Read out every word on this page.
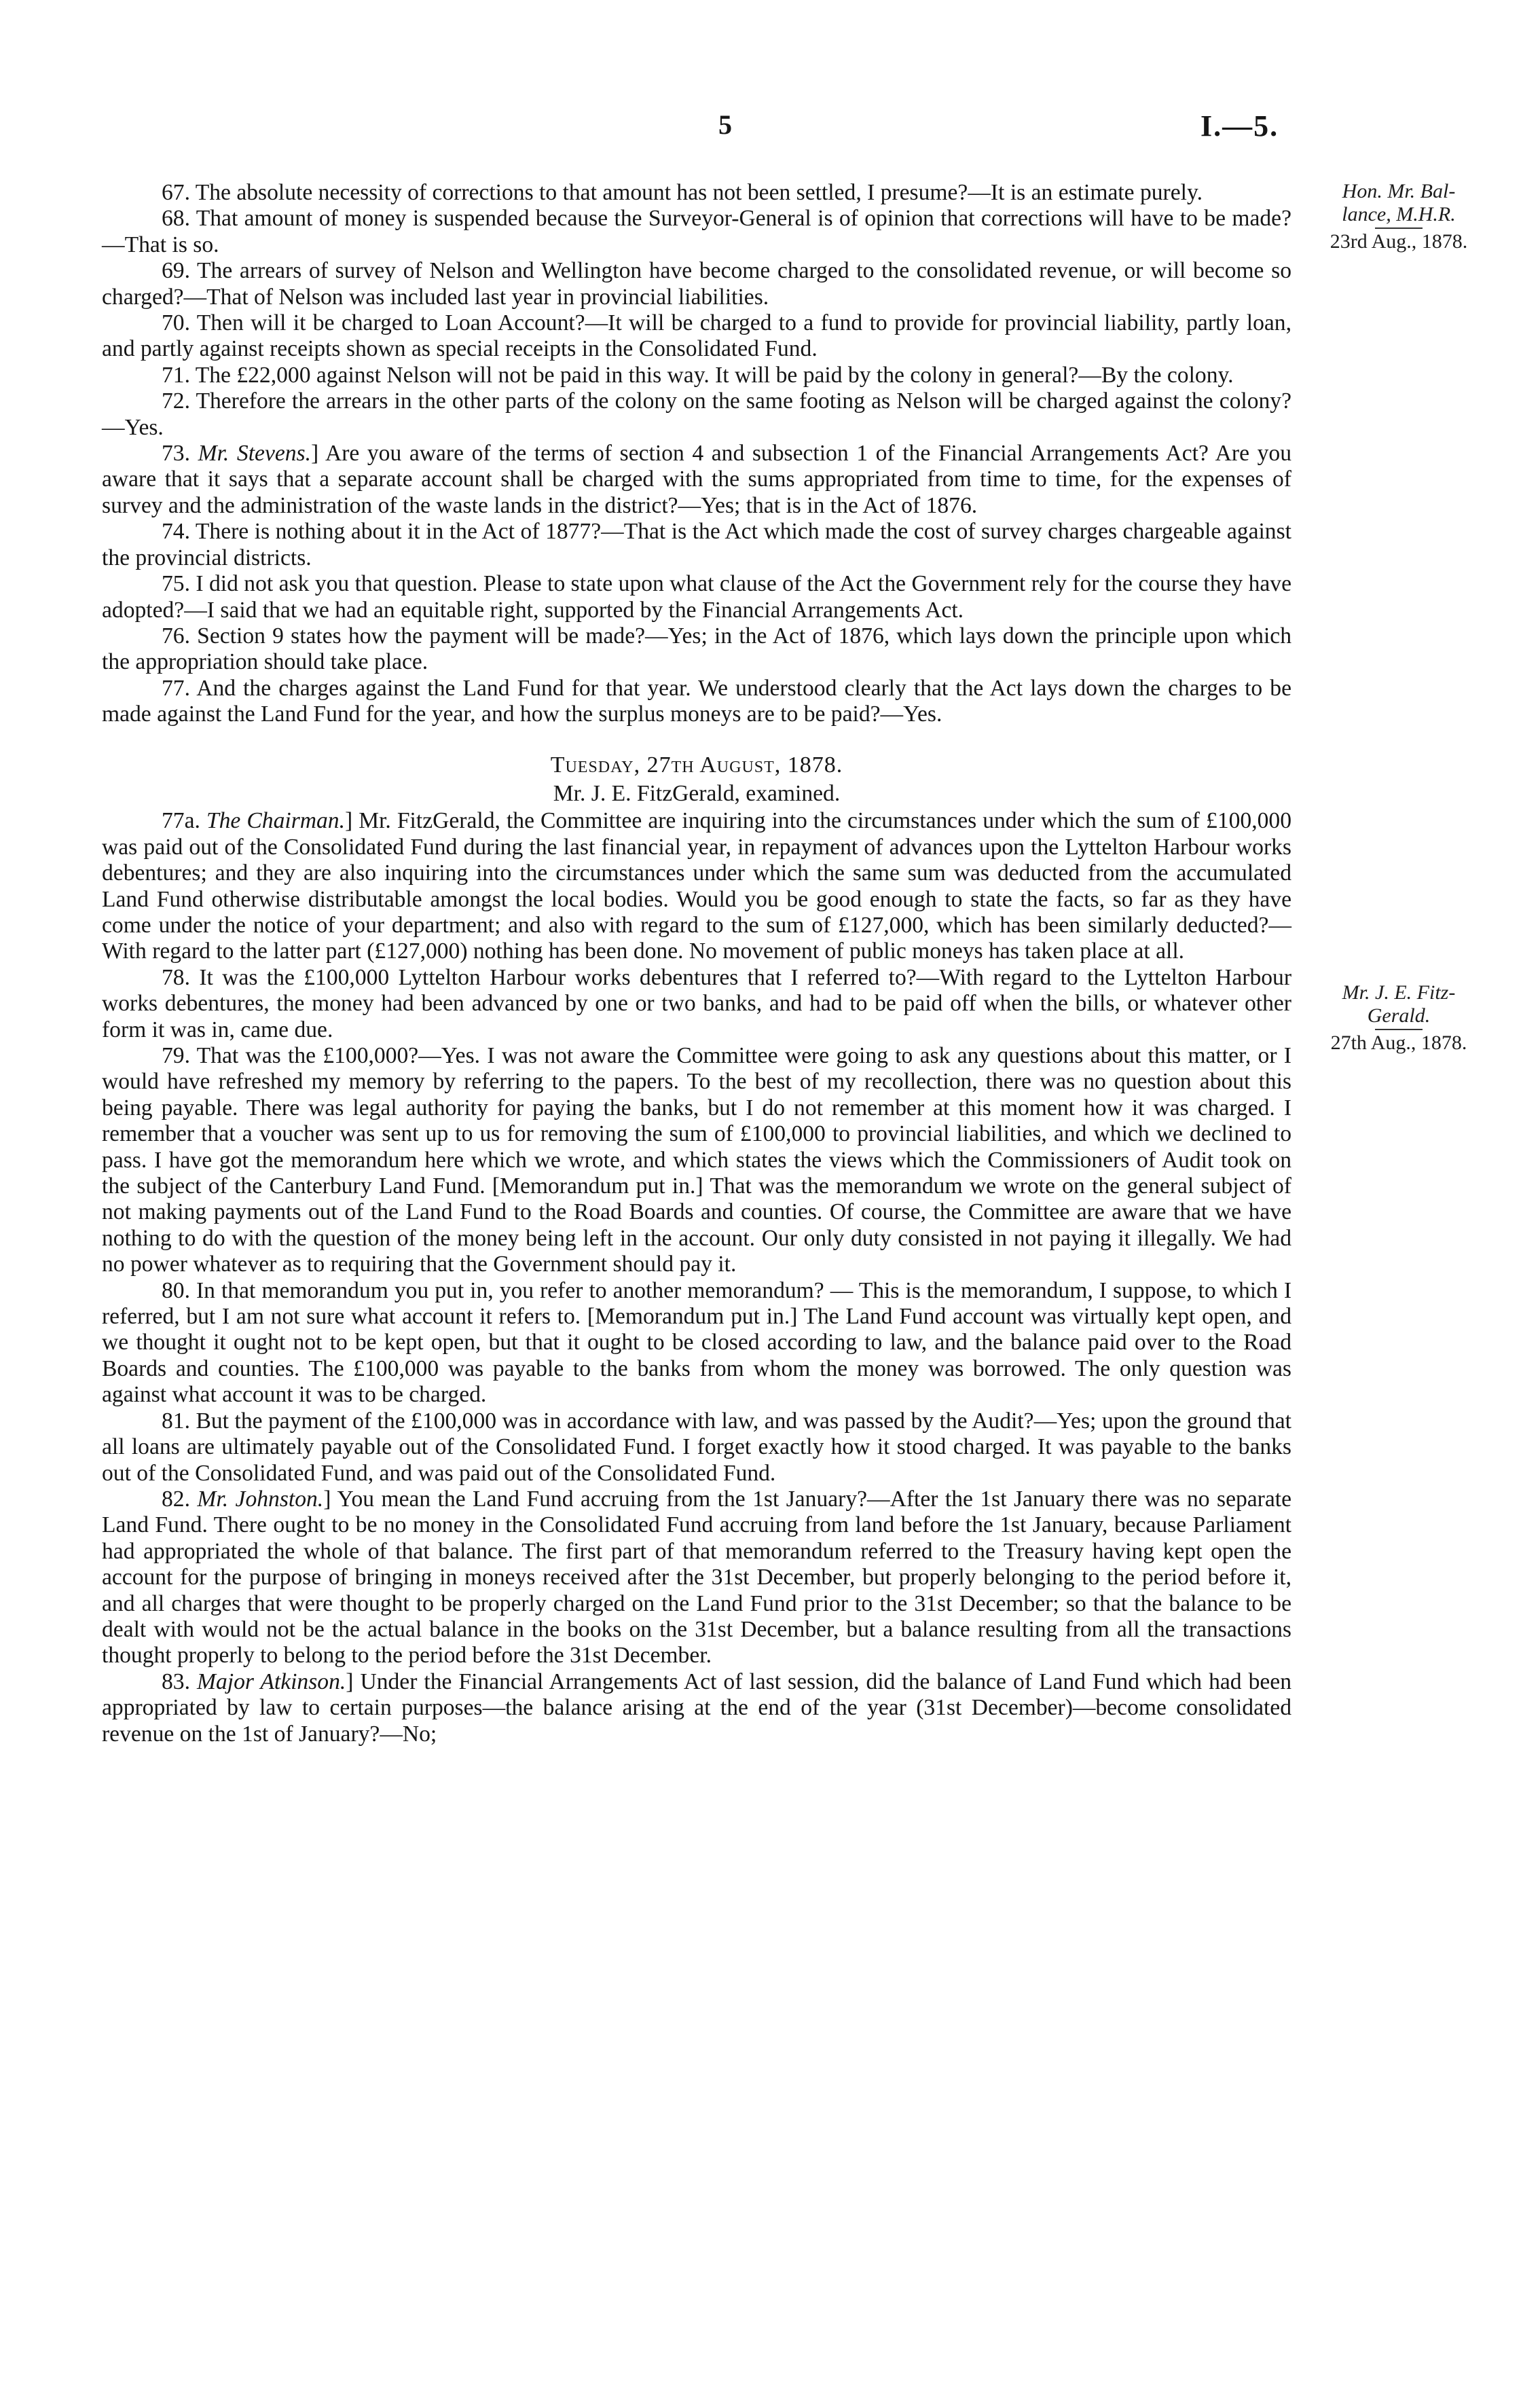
5	I.—5.
Hon. Mr. Bal-
lance, M.H.R.
23rd Aug., 1878.
Mr. J. E. Fitz-
Gerald.
27th Aug., 1878.

67. The absolute necessity of corrections to that amount has not been settled, I presume?—It is an estimate purely.

68. That amount of money is suspended because the Surveyor-General is of opinion that corrections will have to be made?—That is so.

69. The arrears of survey of Nelson and Wellington have become charged to the consolidated revenue, or will become so charged?—That of Nelson was included last year in provincial liabilities.

70. Then will it be charged to Loan Account?—It will be charged to a fund to provide for provincial liability, partly loan, and partly against receipts shown as special receipts in the Consolidated Fund.

71. The £22,000 against Nelson will not be paid in this way. It will be paid by the colony in general?—By the colony.

72. Therefore the arrears in the other parts of the colony on the same footing as Nelson will be charged against the colony?—Yes.

73. Mr. Stevens.] Are you aware of the terms of section 4 and subsection 1 of the Financial Arrangements Act? Are you aware that it says that a separate account shall be charged with the sums appropriated from time to time, for the expenses of survey and the administration of the waste lands in the district?—Yes; that is in the Act of 1876.

74. There is nothing about it in the Act of 1877?—That is the Act which made the cost of survey charges chargeable against the provincial districts.

75. I did not ask you that question. Please to state upon what clause of the Act the Government rely for the course they have adopted?—I said that we had an equitable right, supported by the Financial Arrangements Act.

76. Section 9 states how the payment will be made?—Yes; in the Act of 1876, which lays down the principle upon which the appropriation should take place.

77. And the charges against the Land Fund for that year. We understood clearly that the Act lays down the charges to be made against the Land Fund for the year, and how the surplus moneys are to be paid?—Yes.

Tuesday, 27th August, 1878.

Mr. J. E. FitzGerald, examined.

77a. The Chairman.] Mr. FitzGerald, the Committee are inquiring into the circumstances under which the sum of £100,000 was paid out of the Consolidated Fund during the last financial year, in repayment of advances upon the Lyttelton Harbour works debentures; and they are also inquiring into the circumstances under which the same sum was deducted from the accumulated Land Fund otherwise distributable amongst the local bodies. Would you be good enough to state the facts, so far as they have come under the notice of your department; and also with regard to the sum of £127,000, which has been similarly deducted?—With regard to the latter part (£127,000) nothing has been done. No movement of public moneys has taken place at all.

78. It was the £100,000 Lyttelton Harbour works debentures that I referred to?—With regard to the Lyttelton Harbour works debentures, the money had been advanced by one or two banks, and had to be paid off when the bills, or whatever other form it was in, came due.

79. That was the £100,000?—Yes. I was not aware the Committee were going to ask any questions about this matter, or I would have refreshed my memory by referring to the papers. To the best of my recollection, there was no question about this being payable. There was legal authority for paying the banks, but I do not remember at this moment how it was charged. I remember that a voucher was sent up to us for removing the sum of £100,000 to provincial liabilities, and which we declined to pass. I have got the memorandum here which we wrote, and which states the views which the Commissioners of Audit took on the subject of the Canterbury Land Fund. [Memorandum put in.] That was the memorandum we wrote on the general subject of not making payments out of the Land Fund to the Road Boards and counties. Of course, the Committee are aware that we have nothing to do with the question of the money being left in the account. Our only duty consisted in not paying it illegally. We had no power whatever as to requiring that the Government should pay it.

80. In that memorandum you put in, you refer to another memorandum? — This is the memorandum, I suppose, to which I referred, but I am not sure what account it refers to. [Memorandum put in.] The Land Fund account was virtually kept open, and we thought it ought not to be kept open, but that it ought to be closed according to law, and the balance paid over to the Road Boards and counties. The £100,000 was payable to the banks from whom the money was borrowed. The only question was against what account it was to be charged.

81. But the payment of the £100,000 was in accordance with law, and was passed by the Audit?—Yes; upon the ground that all loans are ultimately payable out of the Consolidated Fund. I forget exactly how it stood charged. It was payable to the banks out of the Consolidated Fund, and was paid out of the Consolidated Fund.

82. Mr. Johnston.] You mean the Land Fund accruing from the 1st January?—After the 1st January there was no separate Land Fund. There ought to be no money in the Consolidated Fund accruing from land before the 1st January, because Parliament had appropriated the whole of that balance. The first part of that memorandum referred to the Treasury having kept open the account for the purpose of bringing in moneys received after the 31st December, but properly belonging to the period before it, and all charges that were thought to be properly charged on the Land Fund prior to the 31st December; so that the balance to be dealt with would not be the actual balance in the books on the 31st December, but a balance resulting from all the transactions thought properly to belong to the period before the 31st December.

83. Major Atkinson.] Under the Financial Arrangements Act of last session, did the balance of Land Fund which had been appropriated by law to certain purposes—the balance arising at the end of the year (31st December)—become consolidated revenue on the 1st of January?—No;
